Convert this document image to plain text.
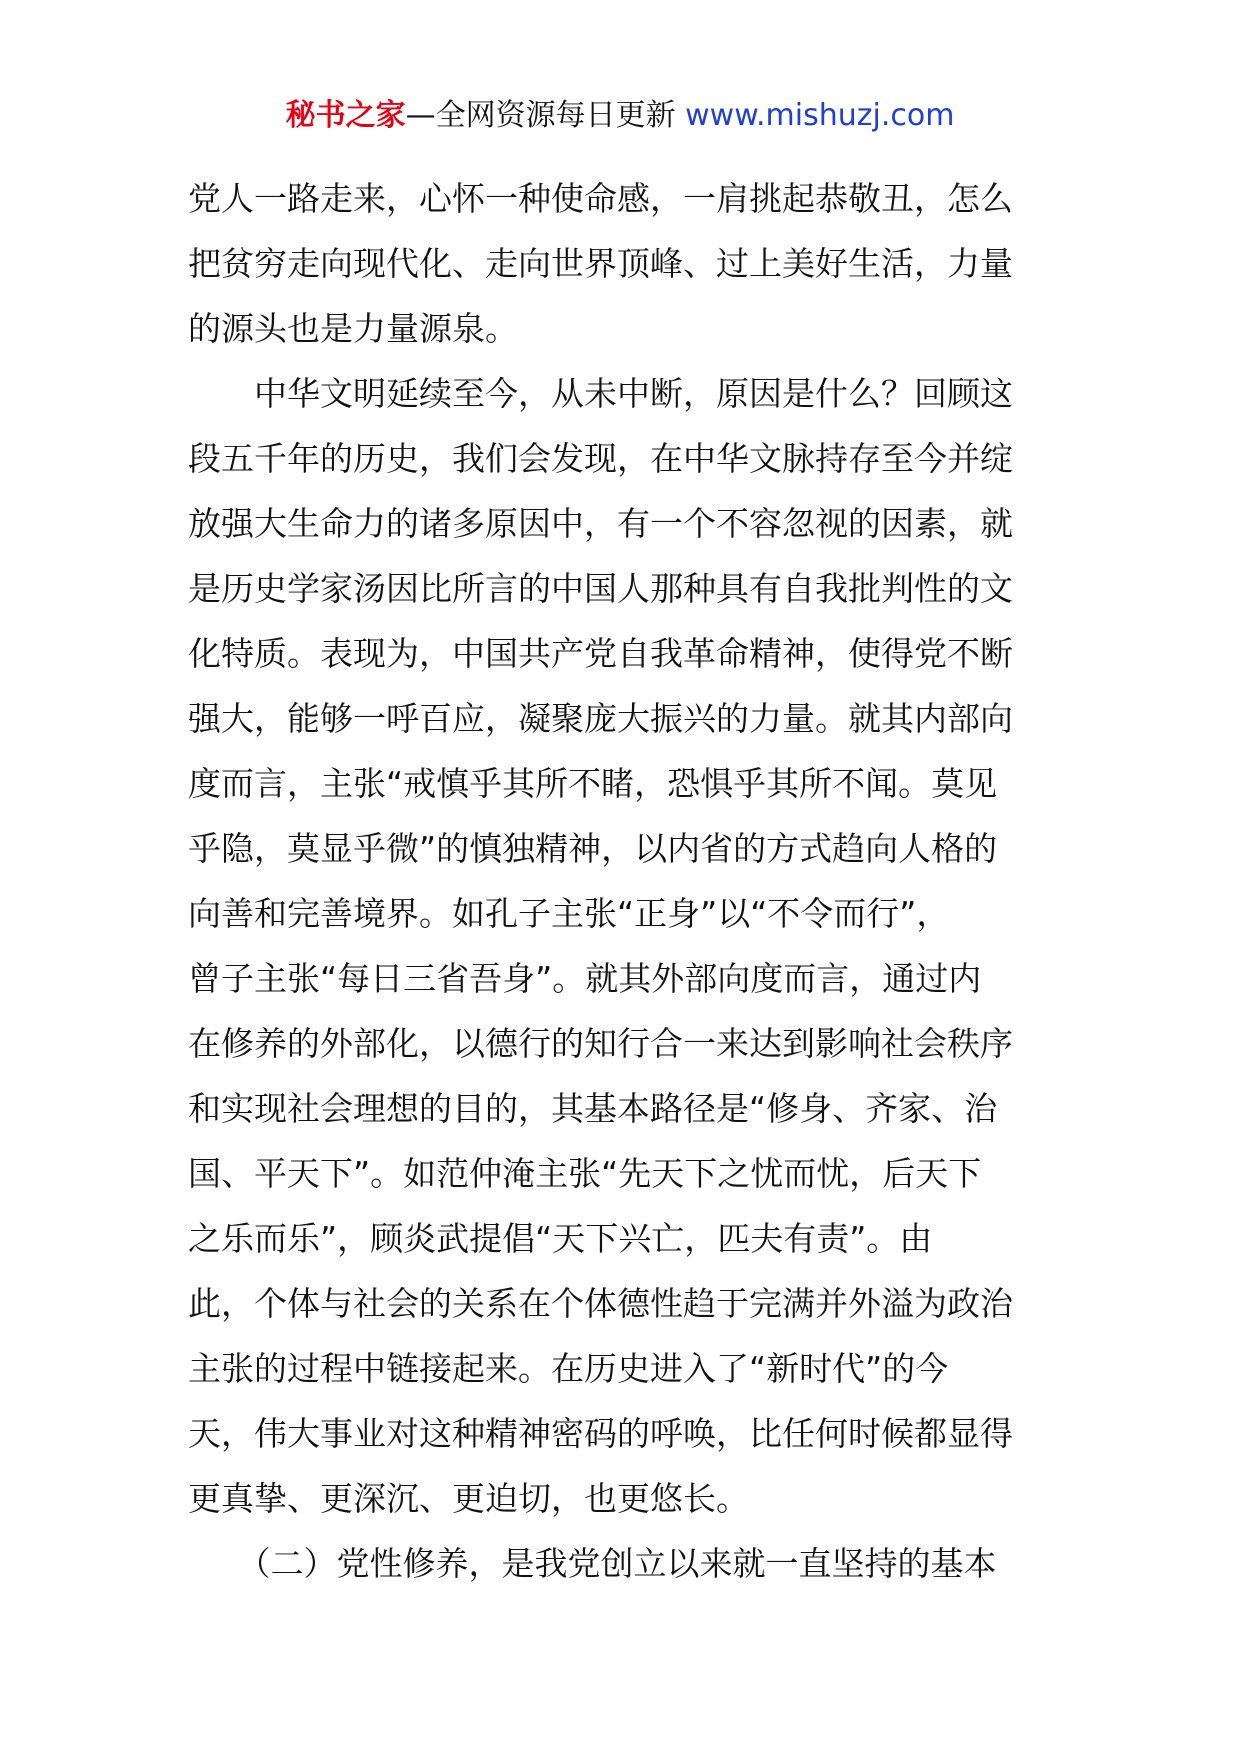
秘书之家—全网资源每日更新 www.mishuzj.com
党人一路走来，心怀一种使命感，一肩挑起恭敬丑，怎么
把贫穷走向现代化、走向世界顶峰、过上美好生活，力量
的源头也是力量源泉。
　　中华文明延续至今，从未中断，原因是什么？回顾这
段五千年的历史，我们会发现，在中华文脉持存至今并绽
放强大生命力的诸多原因中，有一个不容忽视的因素，就
是历史学家汤因比所言的中国人那种具有自我批判性的文
化特质。表现为，中国共产党自我革命精神，使得党不断
强大，能够一呼百应，凝聚庞大振兴的力量。就其内部向
度而言，主张“戒慎乎其所不睹，恐惧乎其所不闻。莫见
乎隐，莫显乎微”的慎独精神，以内省的方式趋向人格的
向善和完善境界。如孔子主张“正身”以“不令而行”，
曾子主张“每日三省吾身”。就其外部向度而言，通过内
在修养的外部化，以德行的知行合一来达到影响社会秩序
和实现社会理想的目的，其基本路径是“修身、齐家、治
国、平天下”。如范仲淹主张“先天下之忧而忧，后天下
之乐而乐”，顾炎武提倡“天下兴亡，匹夫有责”。由
此，个体与社会的关系在个体德性趋于完满并外溢为政治
主张的过程中链接起来。在历史进入了“新时代”的今
天，伟大事业对这种精神密码的呼唤，比任何时候都显得
更真挚、更深沉、更迫切，也更悠长。
　　（二）党性修养，是我党创立以来就一直坚持的基本
